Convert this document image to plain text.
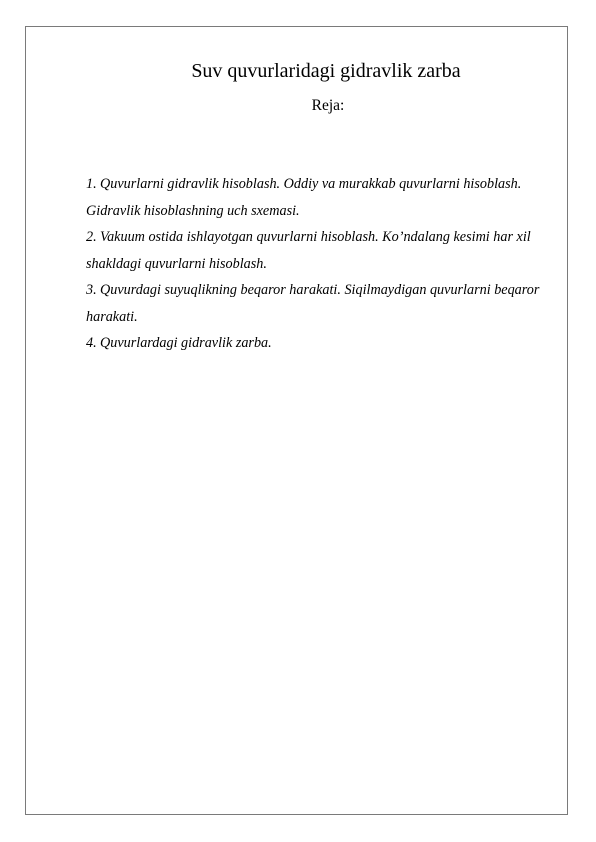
Suv quvurlaridagi gidravlik zarba
Reja:
1. Quvurlarni gidravlik hisoblash. Oddiy va murakkab quvurlarni hisoblash. Gidravlik hisoblashning uch sxemasi.
2. Vakuum ostida ishlayotgan quvurlarni hisoblash. Ko’ndalang kesimi har xil shakldagi quvurlarni hisoblash.
3. Quvurdagi suyuqlikning beqaror harakati. Siqilmaydigan quvurlarni beqaror harakati.
4. Quvurlardagi gidravlik zarba.
